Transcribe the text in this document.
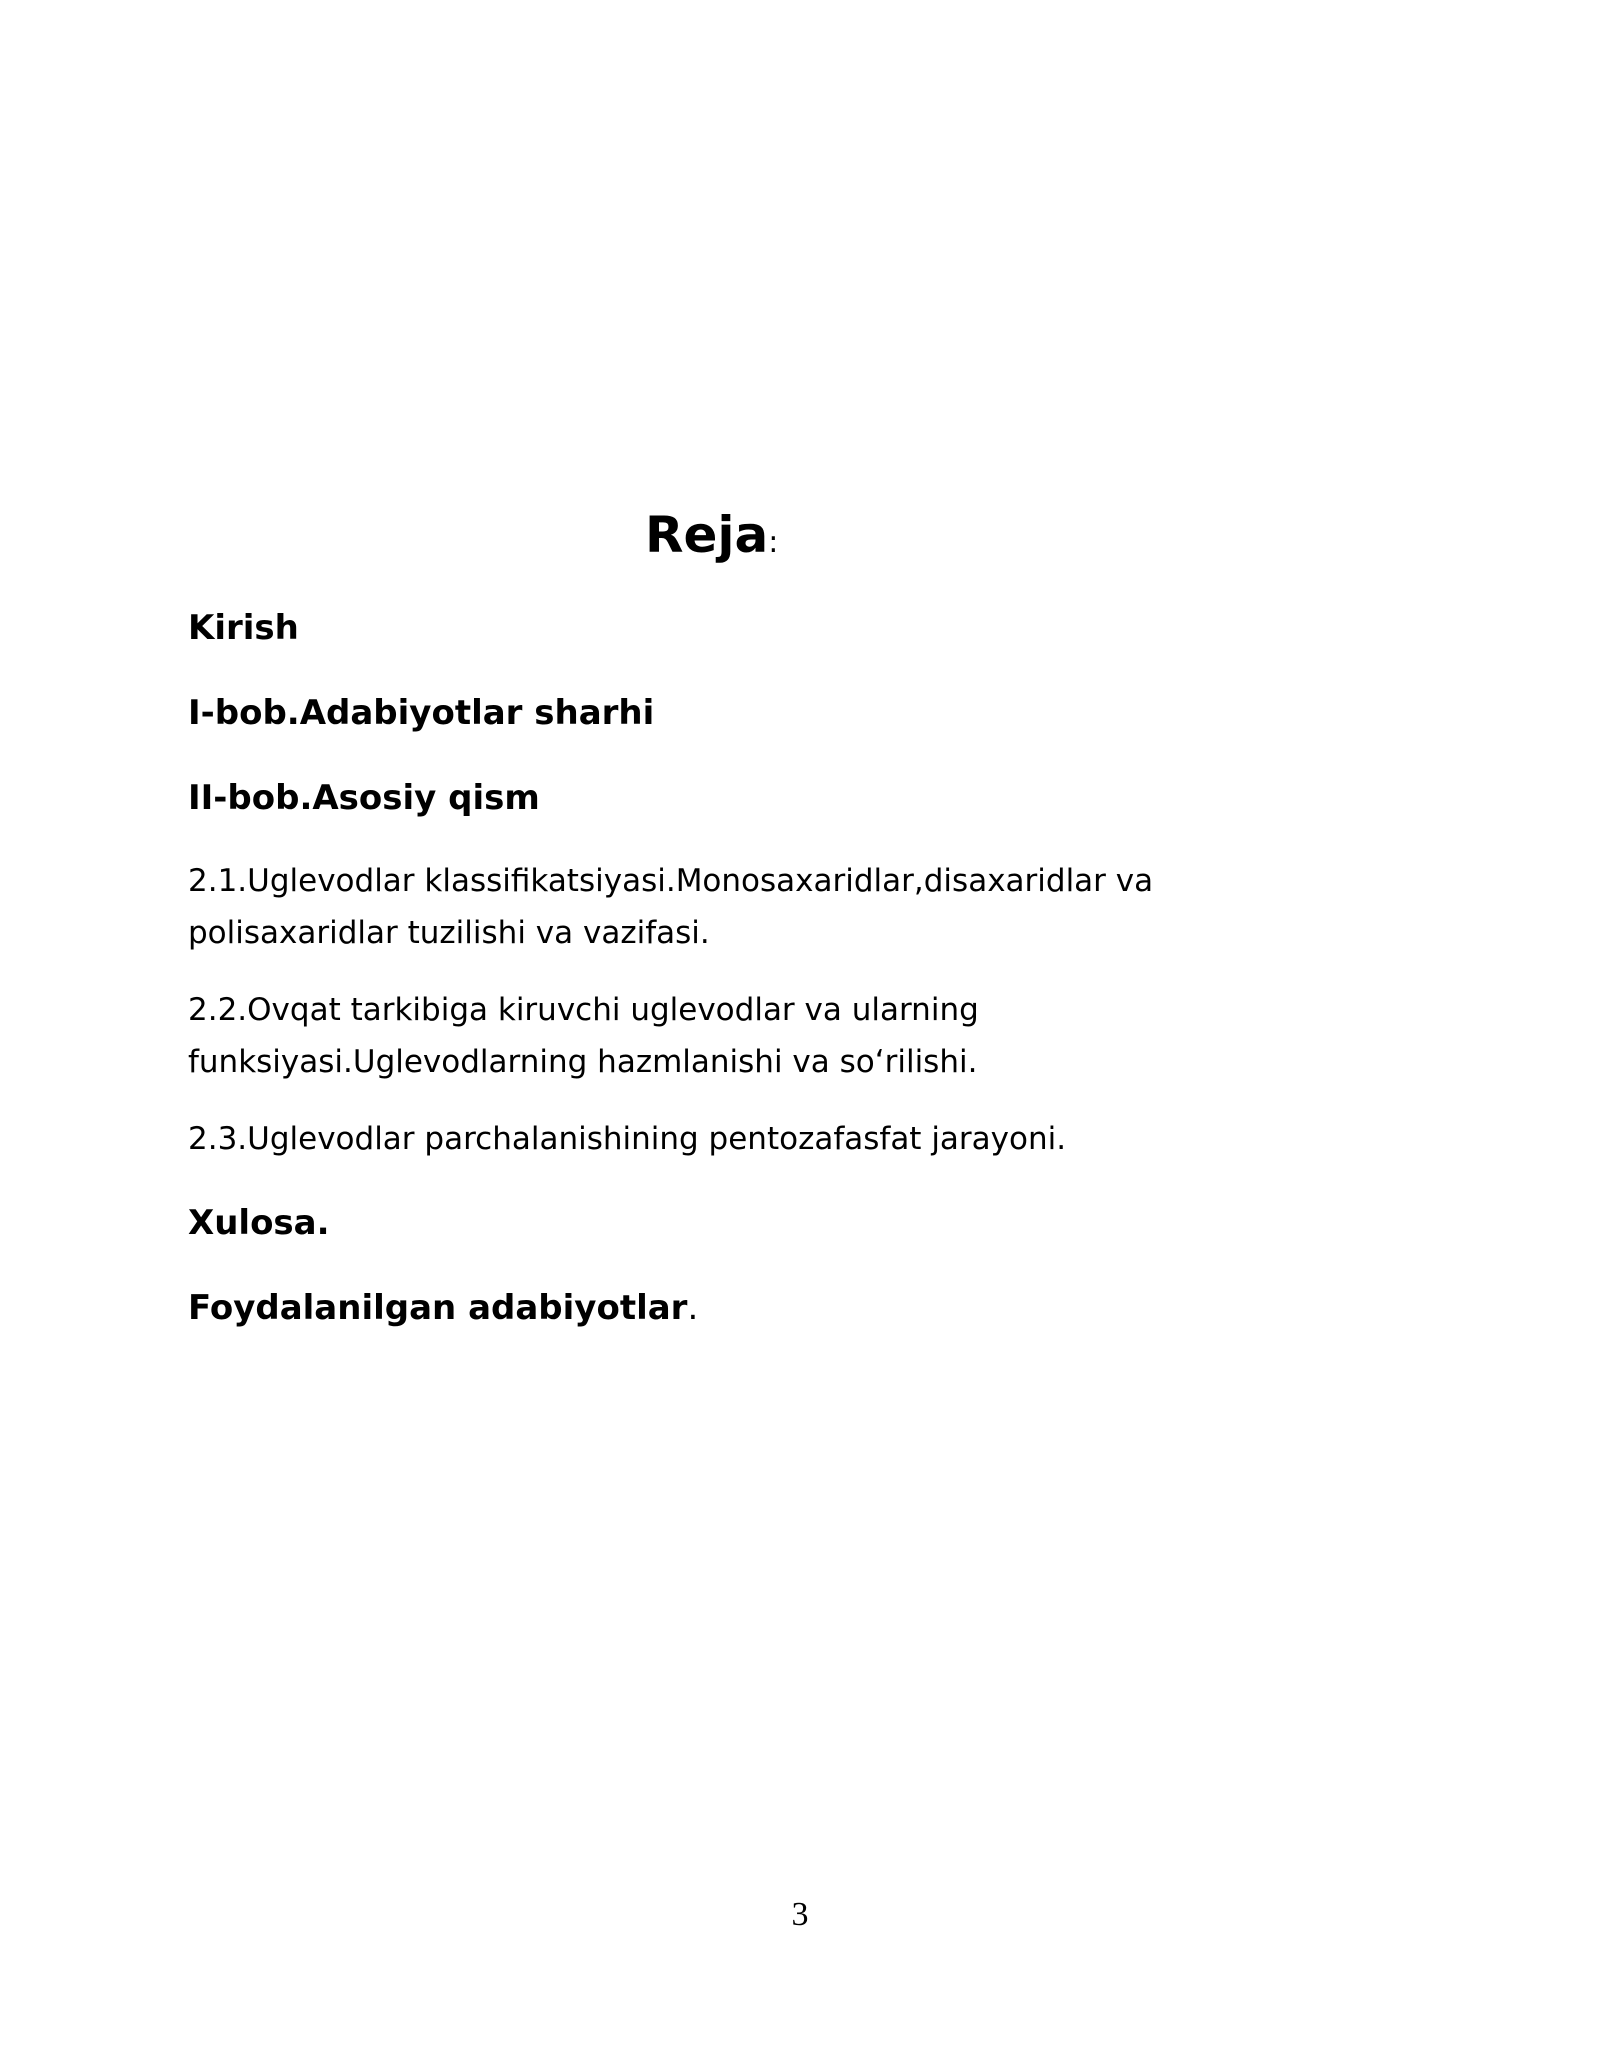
Reja:

Kirish

I-bob.Adabiyotlar sharhi

II-bob.Asosiy qism

2.1.Uglevodlar klassifikatsiyasi.Monosaxaridlar,disaxaridlar va polisaxaridlar tuzilishi va vazifasi.

2.2.Ovqat tarkibiga kiruvchi uglevodlar va ularning funksiyasi.Uglevodlarning hazmlanishi va so‘rilishi.

2.3.Uglevodlar parchalanishining pentozafasfat jarayoni.

Xulosa.

Foydalanilgan adabiyotlar.

3
